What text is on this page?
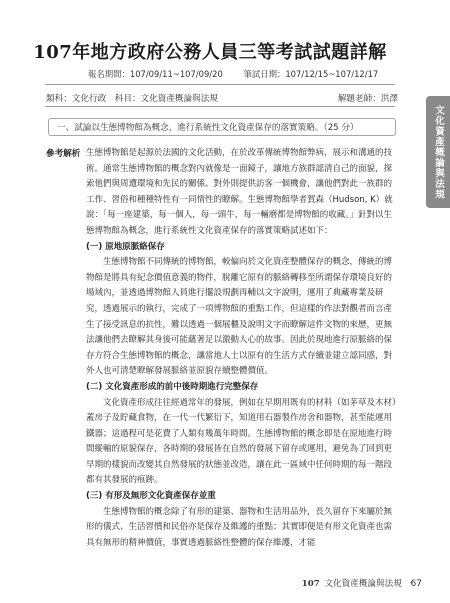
107年地方政府公務人員三等考試試題詳解
報名期間：107/09/11~107/09/20 筆試日期：107/12/15~107/12/17
類科：文化行政　科目：文化資產概論與法規	解題老師：洪澤
文化資產概論與法規
一、試論以生態博物館為概念，進行系統性文化資產保存的落實策略。（25 分）
參考解析 生態博物館是起源於法國的文化活動，在於改革傳統博物館弊病，展示和溝通的技術。通常生態博物館的概念對內就像是一面鏡子，讓地方族群認清自己的面貌，探索他們與周遭環境和先民的關係。對外則提供訪客一個機會，讓他們對此一族群的工作、習俗和種種特性有一同情性的瞭解。生態博物館學者賀森（Hudson, K）就說：「每一座建築，每一個人，每一頭牛，每一輛磨都是博物館的收藏。」針對以生態博物館為概念，進行系統性文化資產保存的落實策略試述如下：

(一) 原地原脈絡保存

生態博物館不同傳統的博物館，較偏向於文化資產整體保存的概念，傳統的博物館是將具有紀念價值意義的物件，脫離它原有的脈絡轉移至所謂保存環境良好的場域內，並透過博物館人員進行擺設規劃再輔以文字說明，運用了典藏專業及研究，透過展示的執行，完成了一項博物館的重點工作，但這樣的作法對觀者而言產生了接受訊息的抗性，難以透過一個展櫃及說明文字而瞭解這件文物的來歷，更無法讓他們去瞭解其身後可能蘊著足以激動人心的故事。因此於現地進行原脈絡的保存方符合生態博物館的概念，讓當地人士以原有的生活方式存續並建立認同感，對外人也可清楚瞭解發展脈絡並原貌存續整體價值。

(二) 文化資產形成的前中後時期進行完整保存

文化資產形成往往經過常年的發展，例如在早期用既有的材料（如茅草及木材）蓋房子及貯藏食物，在一代一代繁衍下，知道用石器製作房舍和器物，甚至能運用鐵器；這過程可是花費了人類有幾萬年時間。生態博物館的概念即是在原地進行時間縱軸的原貌保存，各時期的發展皆在自然的發展下留存或運用，避免為了回到更早期的樣貌而改變其自然發展的狀態並改造，讓在此一區域中任何時期的每一階段都有其發展的痕跡。

(三) 有形及無形文化資產保存並重

生態博物館的概念除了有形的建築、器物和生活用品外，長久留存下來屬於無形的儀式、生活習慣和民俗亦是保存及維護的重點；其實即便是有形文化資產也需具有無形的精神價值，事實透過脈絡性整體的保存維護，才能

107 文化資產概論與法規 67
